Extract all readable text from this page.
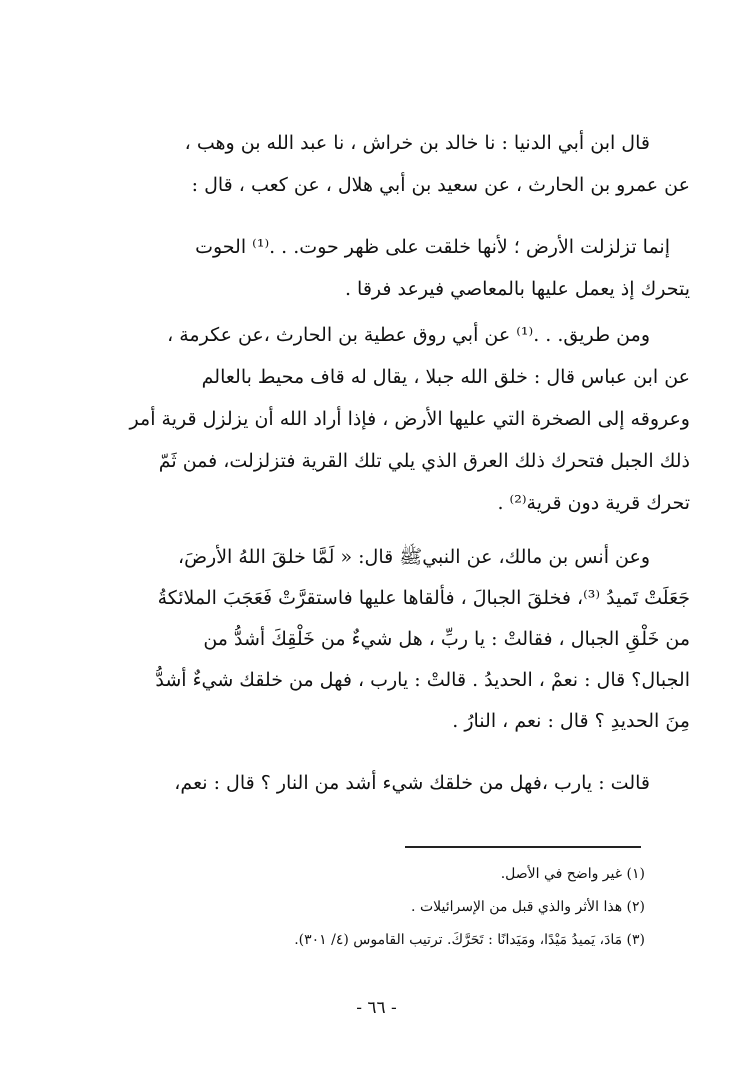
قال ابن أبي الدنيا : نا خالد بن خراش ، نا عبد الله بن وهب ،
عن عمرو بن الحارث ، عن سعيد بن أبي هلال ، عن كعب ، قال :
إنما تزلزلت الأرض ؛ لأنها خلقت على ظهر حوت. . .⁽¹⁾ الحوت
يتحرك إذ يعمل عليها بالمعاصي فيرعد فرقا .
ومن طريق. . .⁽¹⁾ عن أبي روق عطية بن الحارث ،عن عكرمة ،
عن ابن عباس قال : خلق الله جبلا ، يقال له قاف محيط بالعالم
وعروقه إلى الصخرة التي عليها الأرض ، فإذا أراد الله أن يزلزل قرية أمر
ذلك الجبل فتحرك ذلك العرق الذي يلي تلك القرية فتزلزلت، فمن ثَمّ
تحرك قرية دون قرية⁽²⁾ .
وعن أنس بن مالك، عن النبيﷺ قال: « لَمَّا خلقَ اللهُ الأرضَ،
جَعَلَتْ تَميدُ ⁽³⁾، فخلقَ الجبالَ ، فألقاها عليها فاستقرَّتْ فَعَجَبَ الملائكةُ
من خَلْقِ الجبال ، فقالتْ : يا ربِّ ، هل شيءٌ من خَلْقِكَ أشدُّ من
الجبال؟ قال : نعمْ ، الحديدُ . قالتْ : يارب ، فهل من خلقك شيءٌ أشدُّ
مِنَ الحديدِ ؟ قال : نعم ، النارُ .
قالت : يارب ،فهل من خلقك شيء أشد من النار ؟ قال : نعم،
(١) غير واضح في الأصل.
(٢) هذا الأثر والذي قبل من الإسرائيلات .
(٣) مَادَ، يَميدُ مَيْدًا، ومَيَدانًا : تَحَرَّكَ. ترتيب القاموس (٤/ ٣٠١).
- ٦٦ -
